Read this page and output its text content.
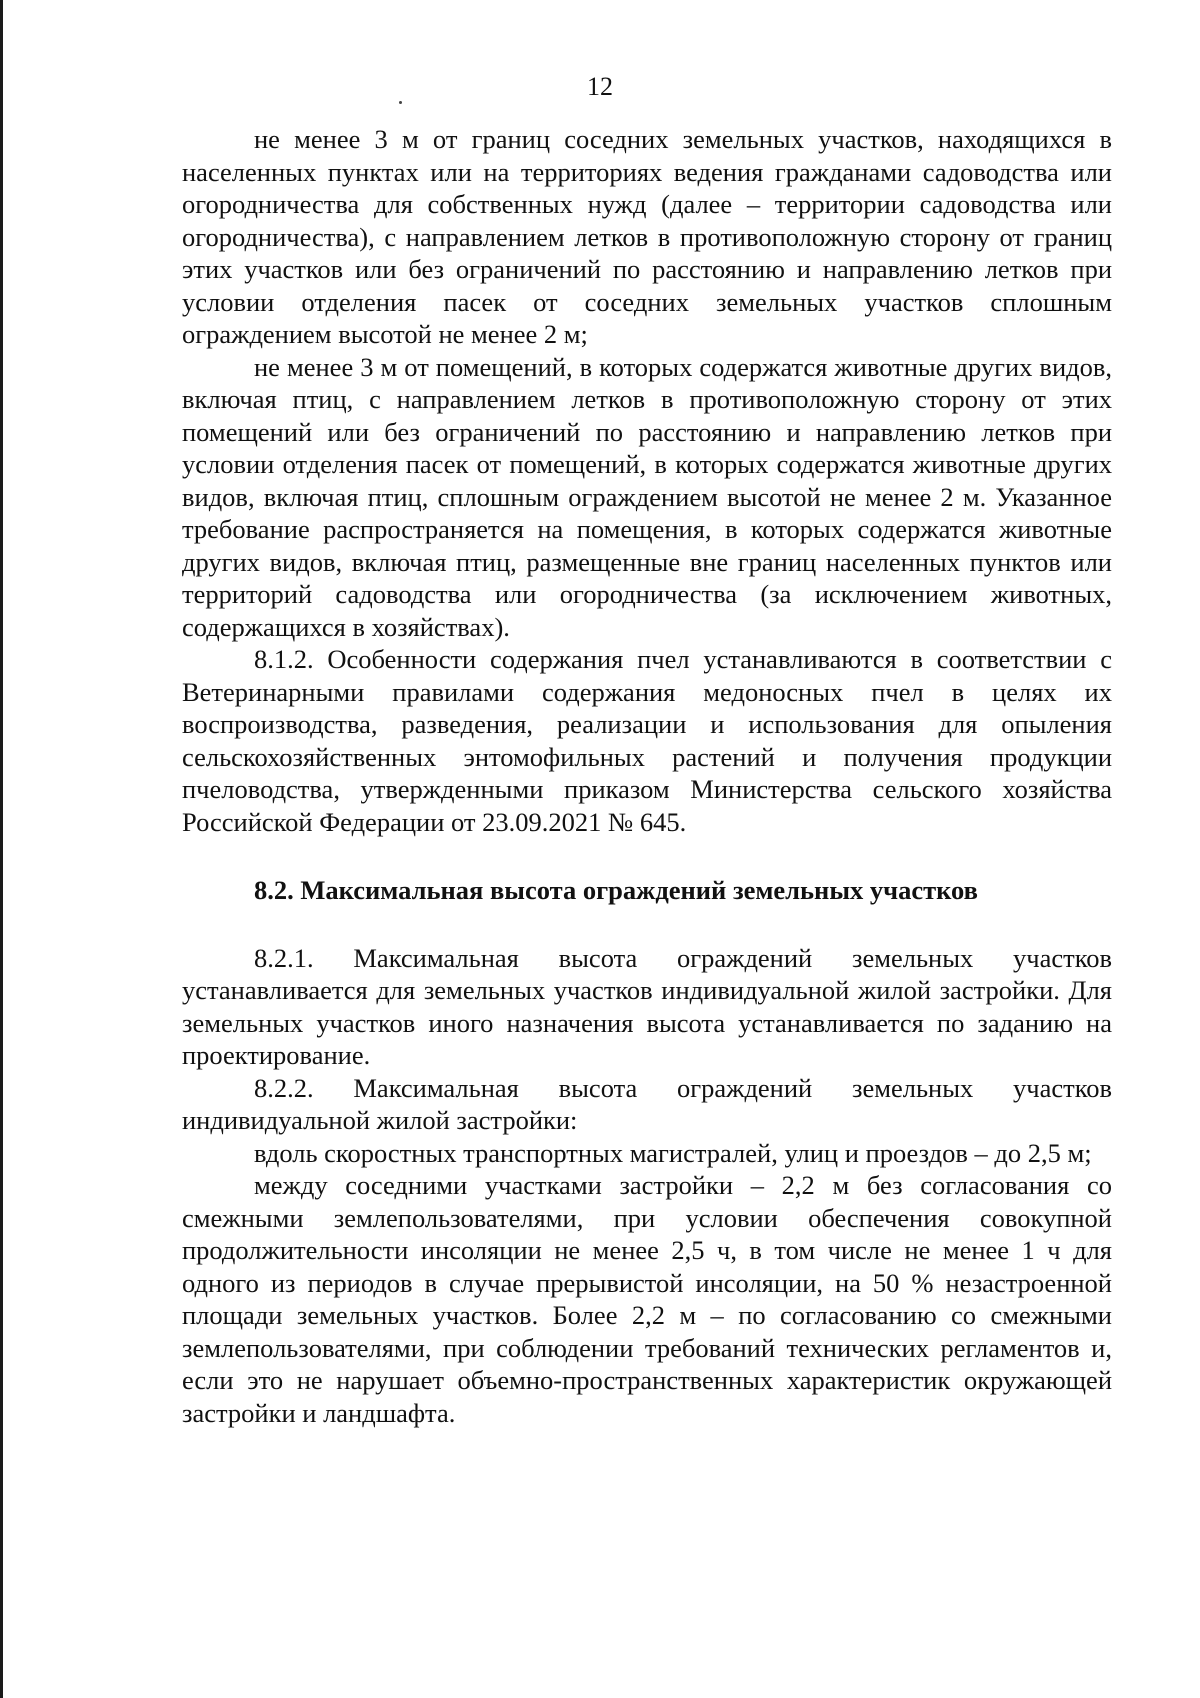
12

не менее 3 м от границ соседних земельных участков, находящихся в населенных пунктах или на территориях ведения гражданами садоводства или огородничества для собственных нужд (далее – территории садоводства или огородничества), с направлением летков в противоположную сторону от границ этих участков или без ограничений по расстоянию и направлению летков при условии отделения пасек от соседних земельных участков сплошным ограждением высотой не менее 2 м;

не менее 3 м от помещений, в которых содержатся животные других видов, включая птиц, с направлением летков в противоположную сторону от этих помещений или без ограничений по расстоянию и направлению летков при условии отделения пасек от помещений, в которых содержатся животные других видов, включая птиц, сплошным ограждением высотой не менее 2 м. Указанное требование распространяется на помещения, в которых содержатся животные других видов, включая птиц, размещенные вне границ населенных пунктов или территорий садоводства или огородничества (за исключением животных, содержащихся в хозяйствах).

8.1.2. Особенности содержания пчел устанавливаются в соответствии с Ветеринарными правилами содержания медоносных пчел в целях их воспроизводства, разведения, реализации и использования для опыления сельскохозяйственных энтомофильных растений и получения продукции пчеловодства, утвержденными приказом Министерства сельского хозяйства Российской Федерации от 23.09.2021 № 645.

8.2. Максимальная высота ограждений земельных участков

8.2.1. Максимальная высота ограждений земельных участков устанавливается для земельных участков индивидуальной жилой застройки. Для земельных участков иного назначения высота устанавливается по заданию на проектирование.

8.2.2. Максимальная высота ограждений земельных участков индивидуальной жилой застройки:

вдоль скоростных транспортных магистралей, улиц и проездов – до 2,5 м;

между соседними участками застройки – 2,2 м без согласования со смежными землепользователями, при условии обеспечения совокупной продолжительности инсоляции не менее 2,5 ч, в том числе не менее 1 ч для одного из периодов в случае прерывистой инсоляции, на 50 % незастроенной площади земельных участков. Более 2,2 м – по согласованию со смежными землепользователями, при соблюдении требований технических регламентов и, если это не нарушает объемно-пространственных характеристик окружающей застройки и ландшафта.
